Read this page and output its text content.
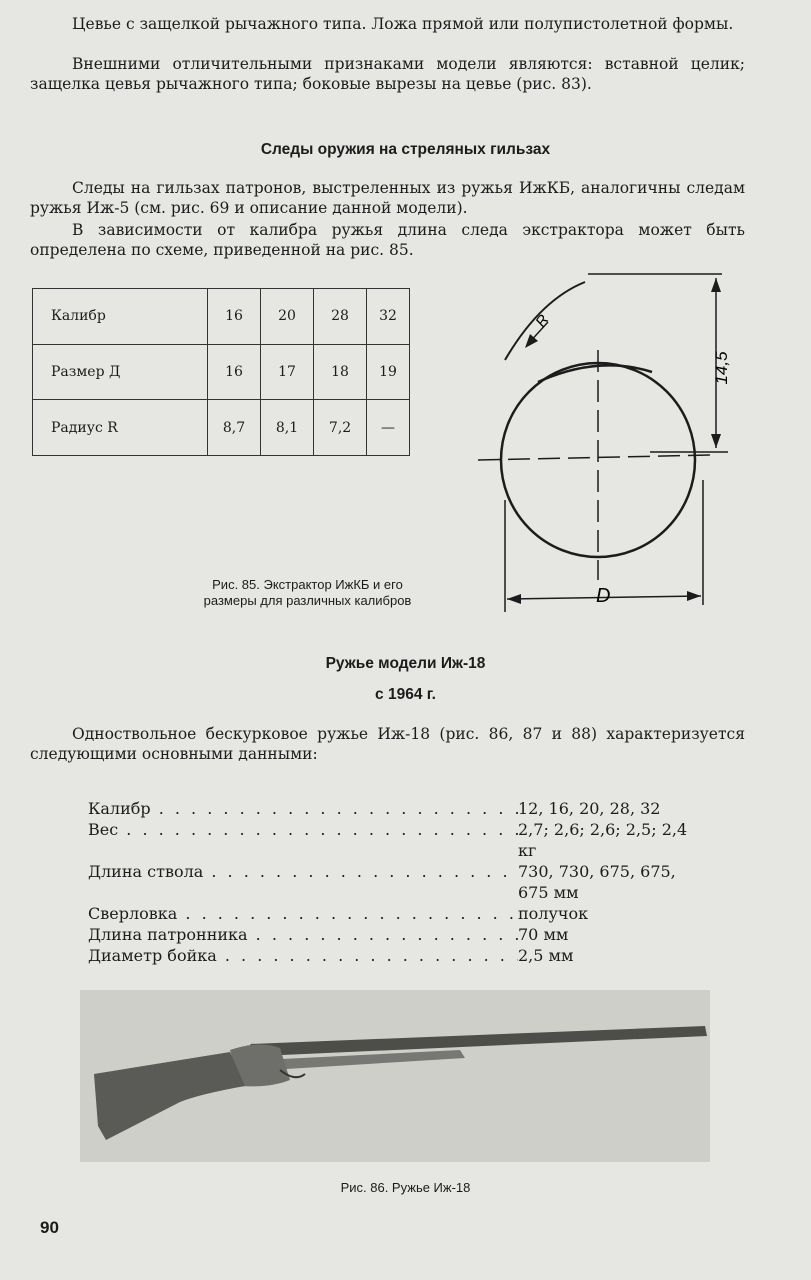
Цевье с защелкой рычажного типа. Ложа прямой или полупистолетной формы.

Внешними отличительными признаками модели являются: вставной целик; защелка цевья рычажного типа; боковые вырезы на цевье (рис. 83).

Следы оружия на стреляных гильзах

Следы на гильзах патронов, выстреленных из ружья ИжКБ, аналогичны следам ружья Иж-5 (см. рис. 69 и описание данной модели).

В зависимости от калибра ружья длина следа экстрактора может быть определена по схеме, приведенной на рис. 85.

Калибр	16	20	28	32
Размер Д	16	17	18	19
Радиус R	8,7	8,1	7,2	—
R
14,5
D

Рис. 85. Экстрактор ИжКБ и его размеры для различных калибров

Ружье модели Иж-18
с 1964 г.

Одноствольное бескурковое ружье Иж-18 (рис. 86, 87 и 88) характеризуется следующими основными данными:

Калибр . . .	12, 16, 20, 28, 32
Вес . . .	2,7; 2,6; 2,6; 2,5; 2,4 кг
Длина ствола . . .	730, 730, 675, 675, 675 мм
Сверловка . . .	получок
Длина патронника . . .	70 мм
Диаметр бойка . . .	2,5 мм

Рис. 86. Ружье Иж-18

90
